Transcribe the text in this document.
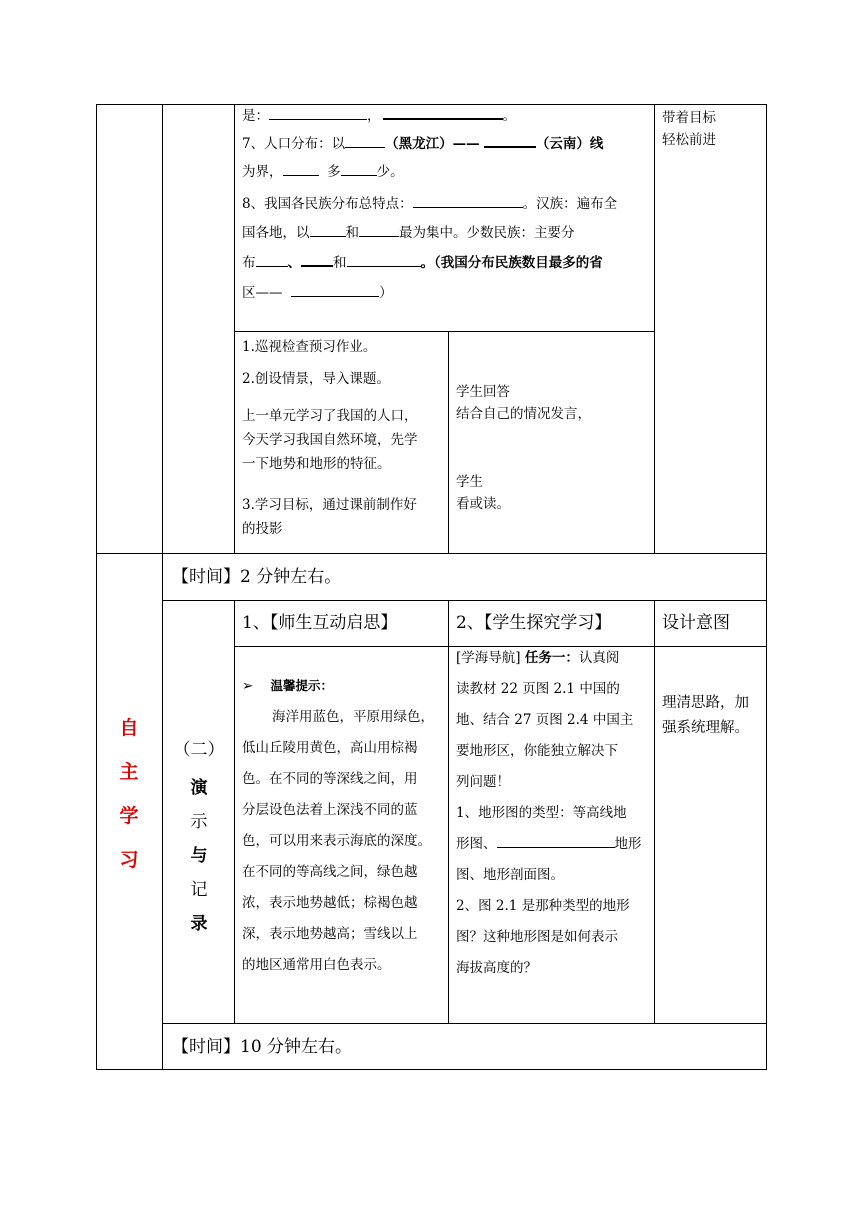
是：	，	。
7、人口分布：以	（黑龙江）——	（云南）线
为界，	多	少。
8、我国各民族分布总特点：	。汉族：遍布全
国各地，以	和	最为集中。少数民族：主要分
布 、 和	。（我国分布民族数目最多的省
区——	）
带着目标
轻松前进
1.巡视检查预习作业。
2.创设情景，导入课题。
上一单元学习了我国的人口，
今天学习我国自然环境，先学
一下地势和地形的特征。
3.学习目标，通过课前制作好
的投影
学生回答
结合自己的情况发言，
学生
看或读。
【时间】2 分钟左右。
自
主
学
习
（二）
演
示
与
记
录
1、【师生互动启思】	2、【学生探究学习】	设计意图
➢ 温馨提示：
海洋用蓝色，平原用绿色，
低山丘陵用黄色，高山用棕褐
色。在不同的等深线之间，用
分层设色法着上深浅不同的蓝
色，可以用来表示海底的深度。
在不同的等高线之间，绿色越
浓，表示地势越低；棕褐色越
深，表示地势越高；雪线以上
的地区通常用白色表示。
[学海导航] 任务一：认真阅
读教材 22 页图 2.1 中国的
地、结合 27 页图 2.4 中国主
要地形区，你能独立解决下
列问题！
1、地形图的类型：等高线地
形图、	地形
图、地形剖面图。
2、图 2.1 是那种类型的地形
图？这种地形图是如何表示
海拔高度的？
理清思路，加
强系统理解。
【时间】10 分钟左右。
